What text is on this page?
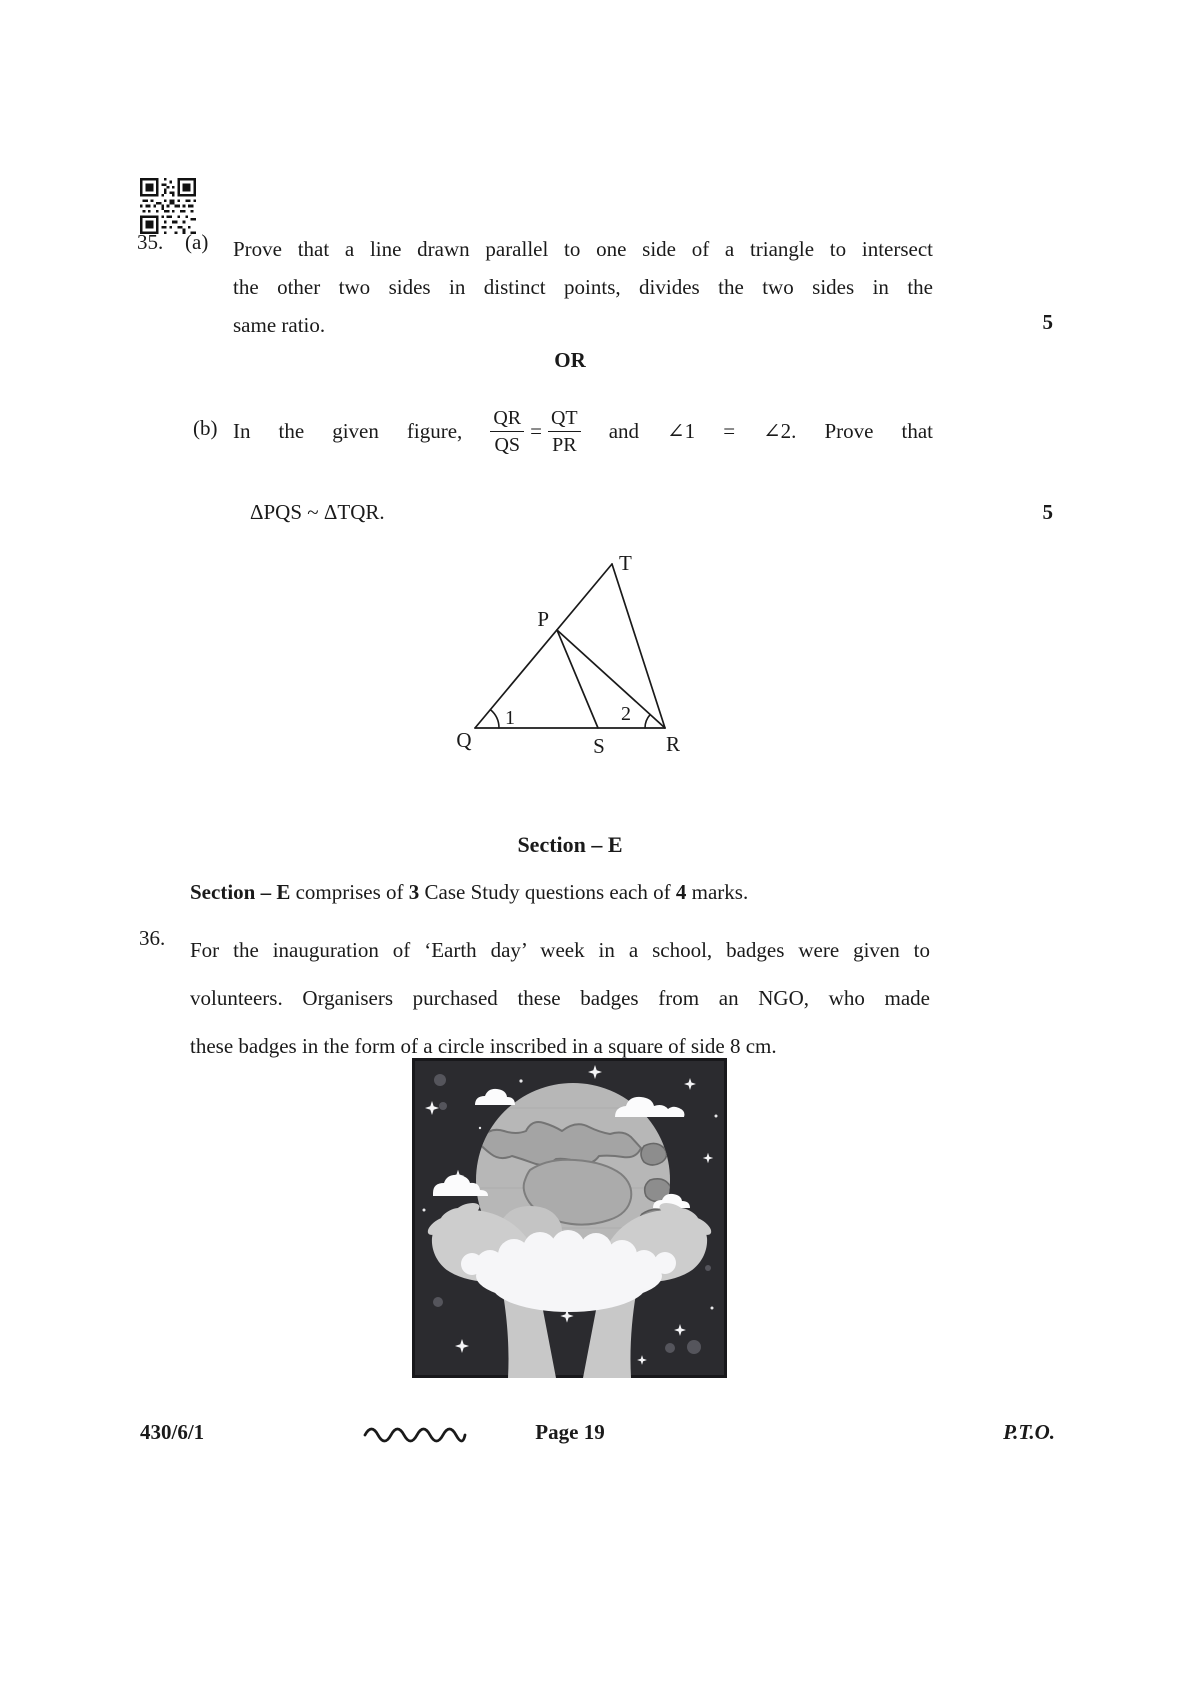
35. (a) Prove that a line drawn parallel to one side of a triangle to intersect
the other two sides in distinct points, divides the two sides in the
same ratio.	5
OR
(b) In the given figure, $\frac{QR}{QS} = \frac{QT}{PR}$ and ∠1 = ∠2. Prove that
ΔPQS ~ ΔTQR.	5
T
P
Q	S	R
1	2
Section – E
Section – E comprises of 3 Case Study questions each of 4 marks.
36. For the inauguration of ‘Earth day’ week in a school, badges were given to
volunteers. Organisers purchased these badges from an NGO, who made
these badges in the form of a circle inscribed in a square of side 8 cm.
430/6/1	Page 19	P.T.O.
